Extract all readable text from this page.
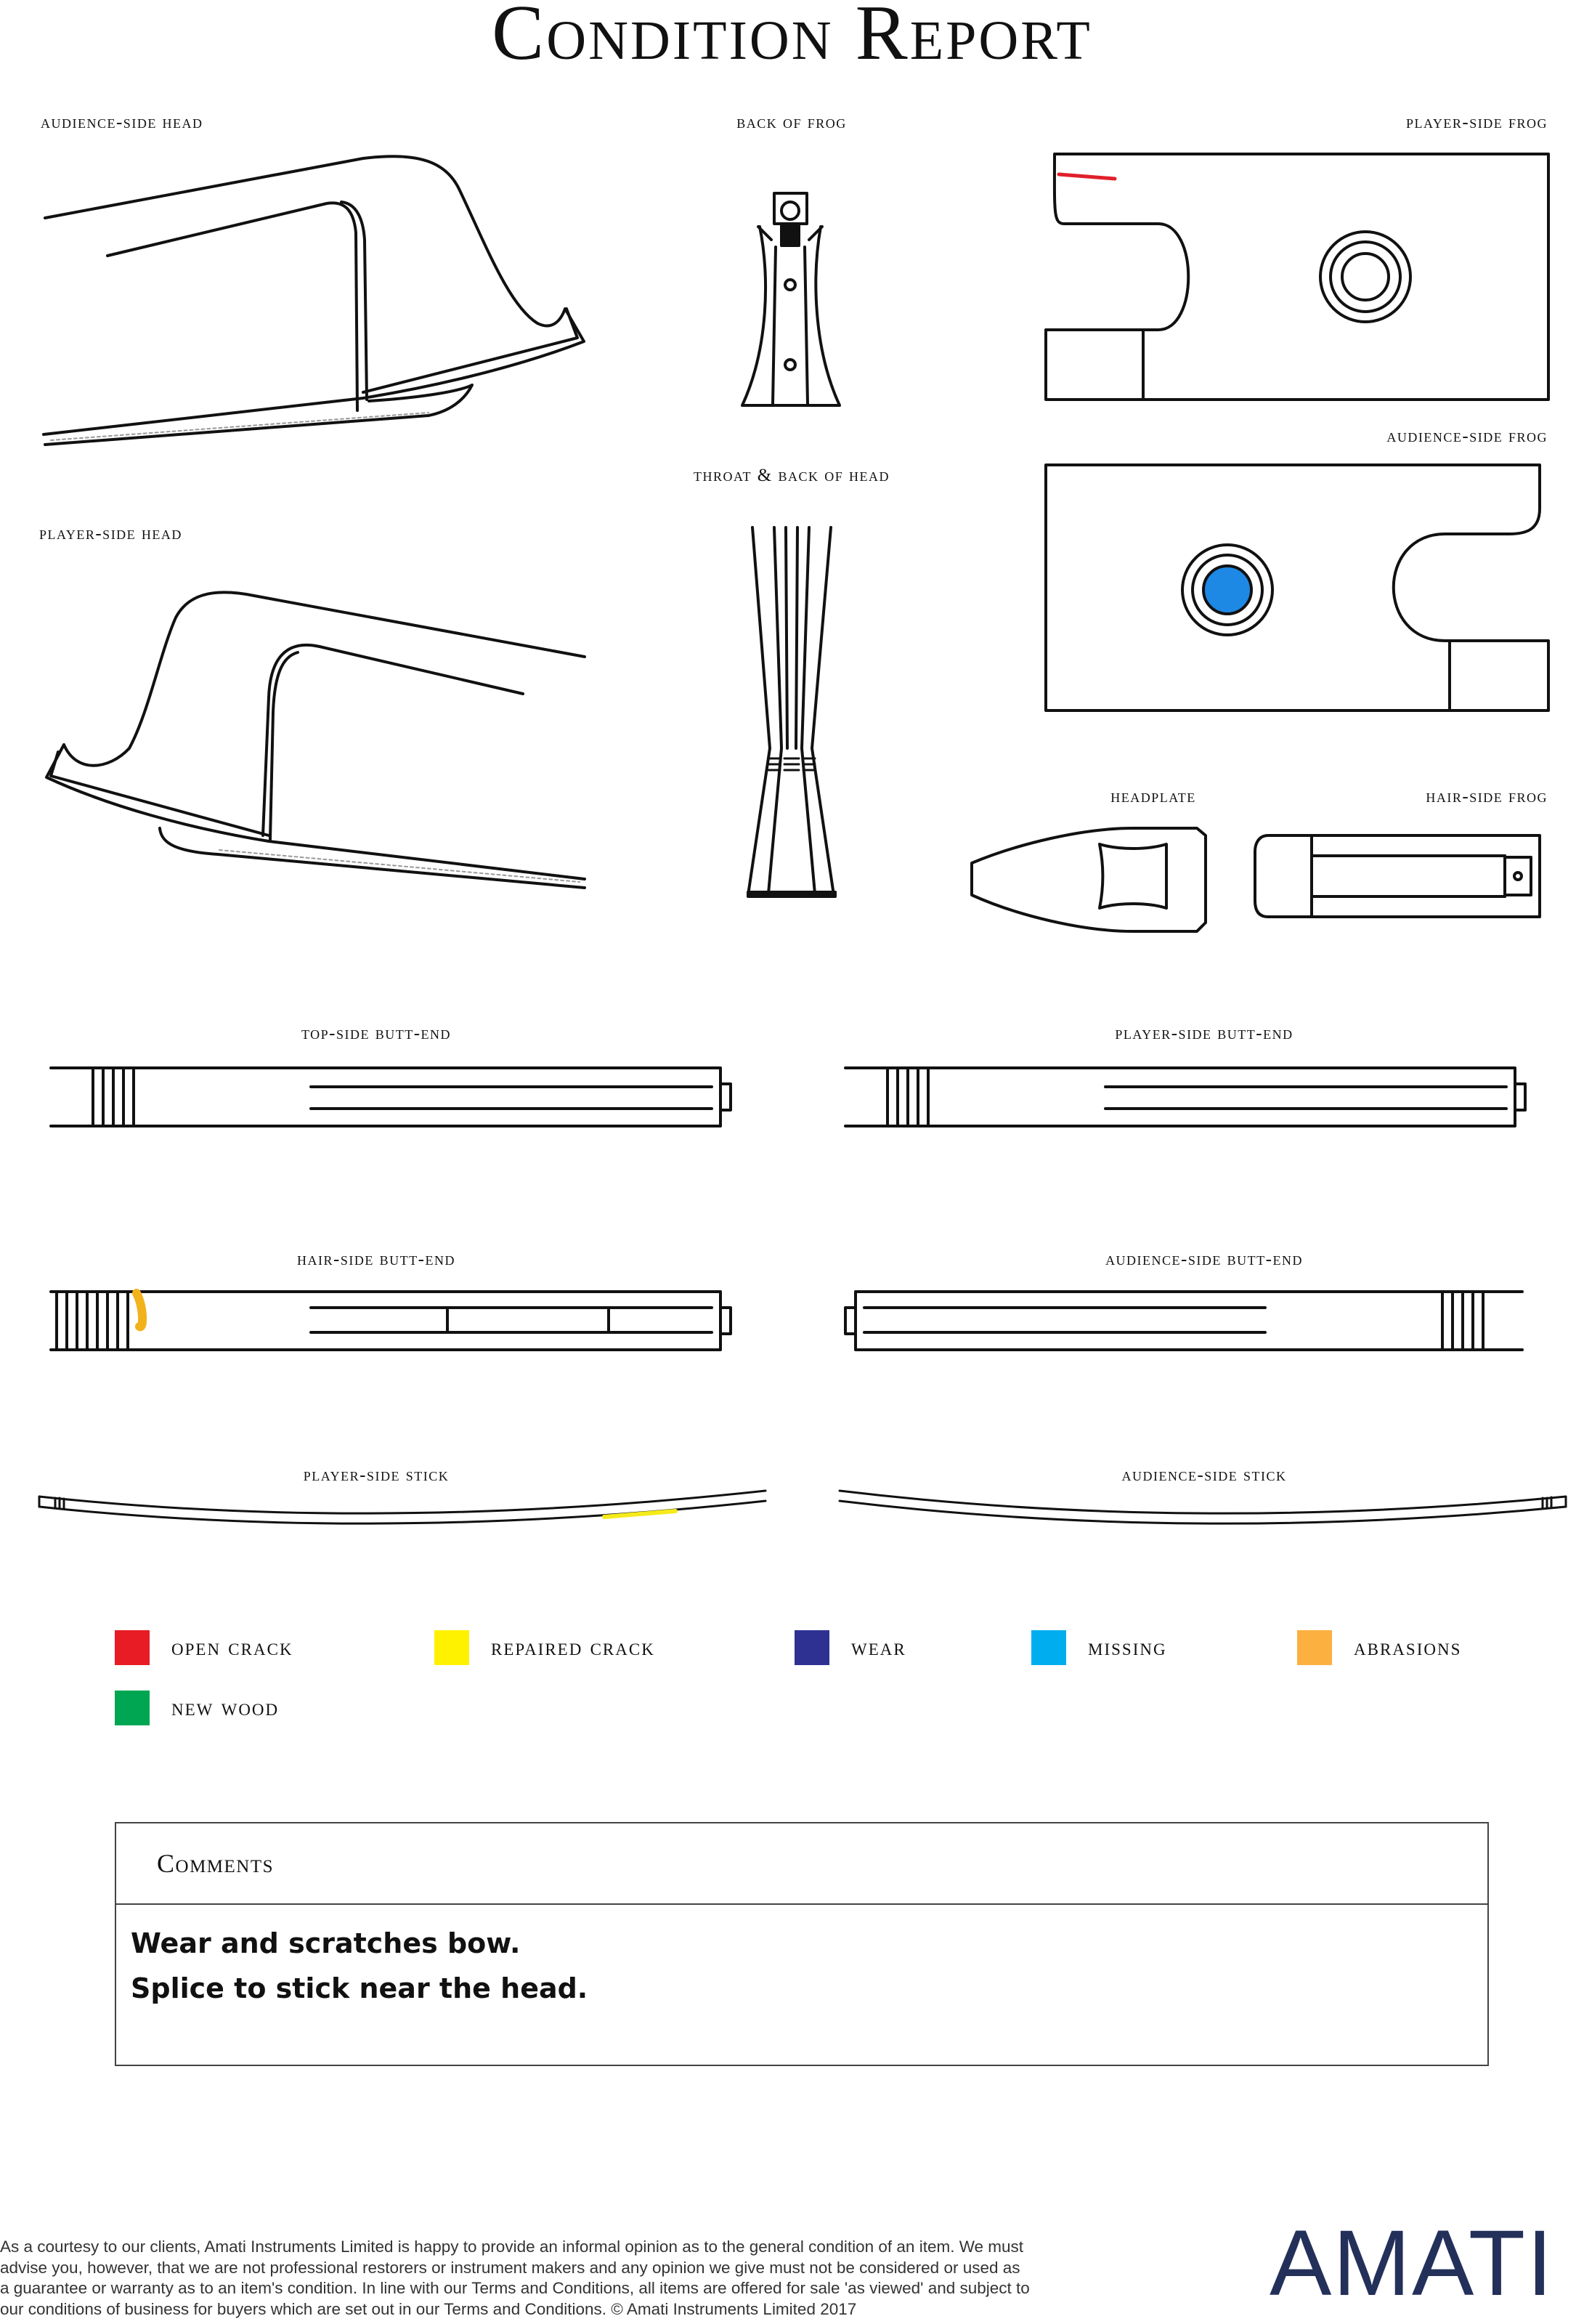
Condition Report
audience-side head	back of frog	player-side frog
audience-side frog
throat & back of head
player-side head
headplate	hair-side frog
top-side butt-end	player-side butt-end
hair-side butt-end	audience-side butt-end
player-side stick	audience-side stick
open crack	repaired crack	wear	missing	abrasions
new wood
Comments
Wear and scratches bow.
Splice to stick near the head.
As a courtesy to our clients, Amati Instruments Limited is happy to provide an informal opinion as to the general condition of an item. We must
advise you, however, that we are not professional restorers or instrument makers and any opinion we give must not be considered or used as
a guarantee or warranty as to an item's condition. In line with our Terms and Conditions, all items are offered for sale 'as viewed' and subject to
our conditions of business for buyers which are set out in our Terms and Conditions. © Amati Instruments Limited 2017	AMATI
